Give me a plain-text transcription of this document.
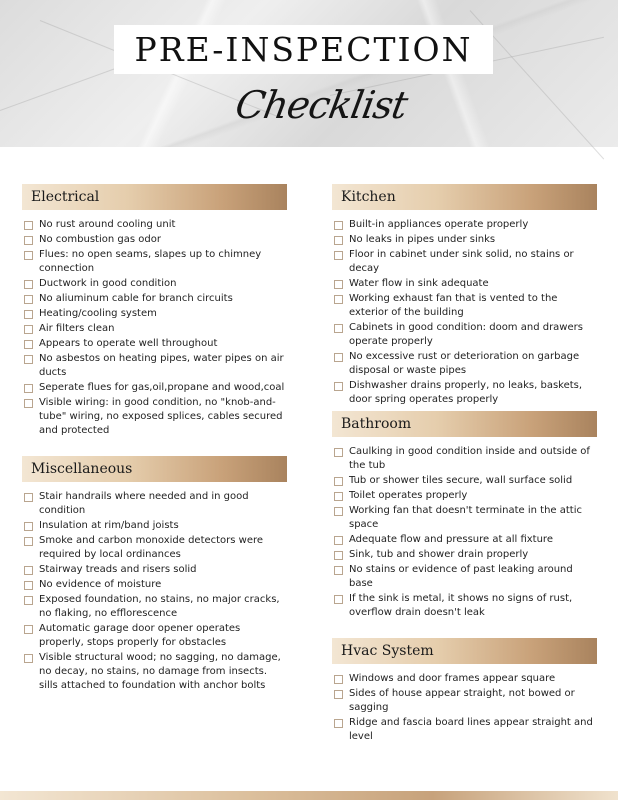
PRE-INSPECTION
Checklist
Electrical
No rust around cooling unit
No combustion gas odor
Flues: no open seams, slapes up to chimney connection
Ductwork in good condition
No aliuminum cable for branch circuits
Heating/cooling system
Air filters clean
Appears to operate well throughout
No asbestos on heating pipes, water pipes on air ducts
Seperate flues for gas,oil,propane and wood,coal
Visible wiring: in good condition, no "knob-and-tube" wiring, no exposed splices, cables secured and protected
Miscellaneous
Stair handrails where needed and in good condition
Insulation at rim/band joists
Smoke and carbon monoxide detectors were required by local ordinances
Stairway treads and risers solid
No evidence of moisture
Exposed foundation, no stains, no major cracks, no flaking, no efflorescence
Automatic garage door opener operates properly, stops properly for obstacles
Visible structural wood; no sagging, no damage, no decay, no stains, no damage from insects. sills attached to foundation with anchor bolts
Kitchen
Built-in appliances operate properly
No leaks in pipes under sinks
Floor in cabinet under sink solid, no stains or decay
Water flow in sink adequate
Working exhaust fan that is vented to the exterior of the building
Cabinets in good condition: doom and drawers operate properly
No excessive rust or deterioration on garbage disposal or waste pipes
Dishwasher drains properly, no leaks, baskets, door spring operates properly
Bathroom
Caulking in good condition inside and outside of the tub
Tub or shower tiles secure, wall surface solid
Toilet operates properly
Working fan that doesn't terminate in the attic space
Adequate flow and pressure at all fixture
Sink, tub and shower drain properly
No stains or evidence of past leaking around base
If the sink is metal, it shows no signs of rust, overflow drain doesn't leak
Hvac System
Windows and door frames appear square
Sides of house appear straight, not bowed or sagging
Ridge and fascia board lines appear straight and level
